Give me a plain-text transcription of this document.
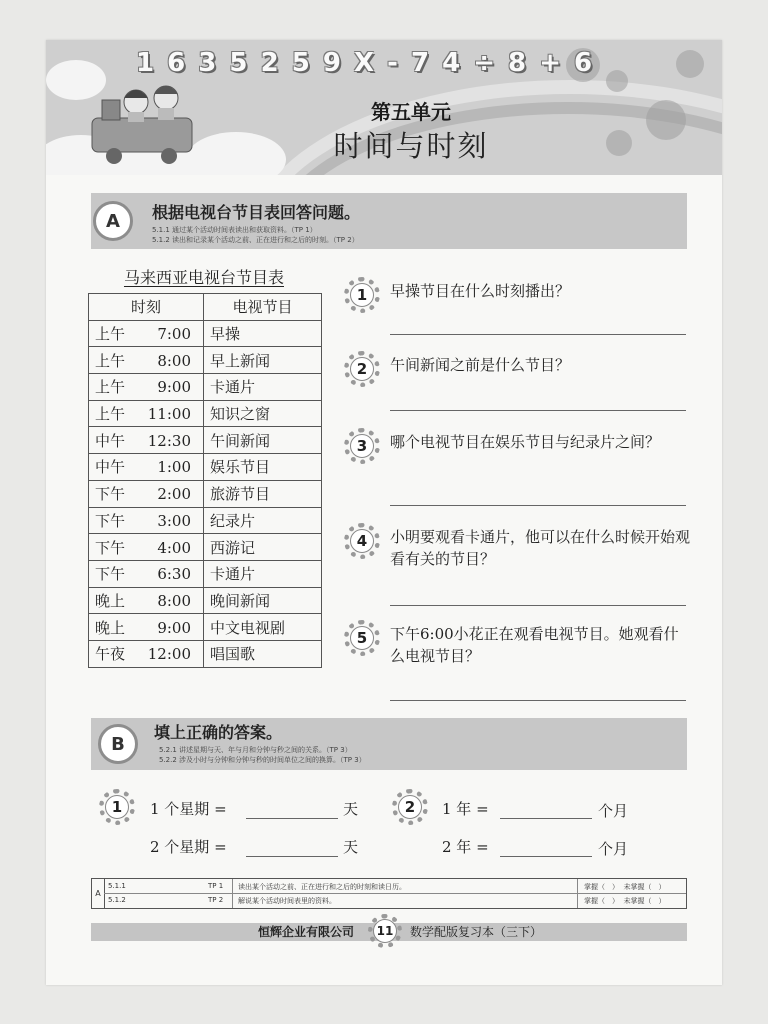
1 6 3 5 2 5 9 X - 7 4 ÷ 8 + 6
第五单元
时间与时刻
A	根据电视台节目表回答问题。
5.1.1 通过某个活动时间表读出和获取资料。（TP 1）
5.1.2 读出和记录某个活动之前、正在进行和之后的时刻。（TP 2）
马来西亚电视台节目表
时刻	电视节目
上午 7:00	早操
上午 8:00	早上新闻
上午 9:00	卡通片
上午 11:00	知识之窗
中午 12:30	午间新闻
中午 1:00	娱乐节目
下午 2:00	旅游节目
下午 3:00	纪录片
下午 4:00	西游记
下午 6:30	卡通片
晚上 8:00	晚间新闻
晚上 9:00	中文电视剧
午夜 12:00	唱国歌
1	早操节目在什么时刻播出？
2	午间新闻之前是什么节目？
3	哪个电视节目在娱乐节目与纪录片之间？
4	小明要观看卡通片，他可以在什么时候开始观看有关的节目？
5	下午6:00小花正在观看电视节目。她观看什么电视节目？
B
填上正确的答案。
5.2.1 讲述星期与天、年与月和分钟与秒之间的关系。（TP 3）
5.2.2 涉及小时与分钟和分钟与秒的时间单位之间的换算。（TP 3）
1	1 个星期 =	天
2 个星期 =	天
2	1 年 =	个月
2 年 =	个月
A
5.1.1	TP 1 读出某个活动之前、正在进行和之后的时刻和读日历。	掌握（　）  未掌握（　）
5.1.2	TP 2 解说某个活动时间表里的资料。	掌握（　）  未掌握（　）
恒辉企业有限公司	11	数学配版复习本（三下）
